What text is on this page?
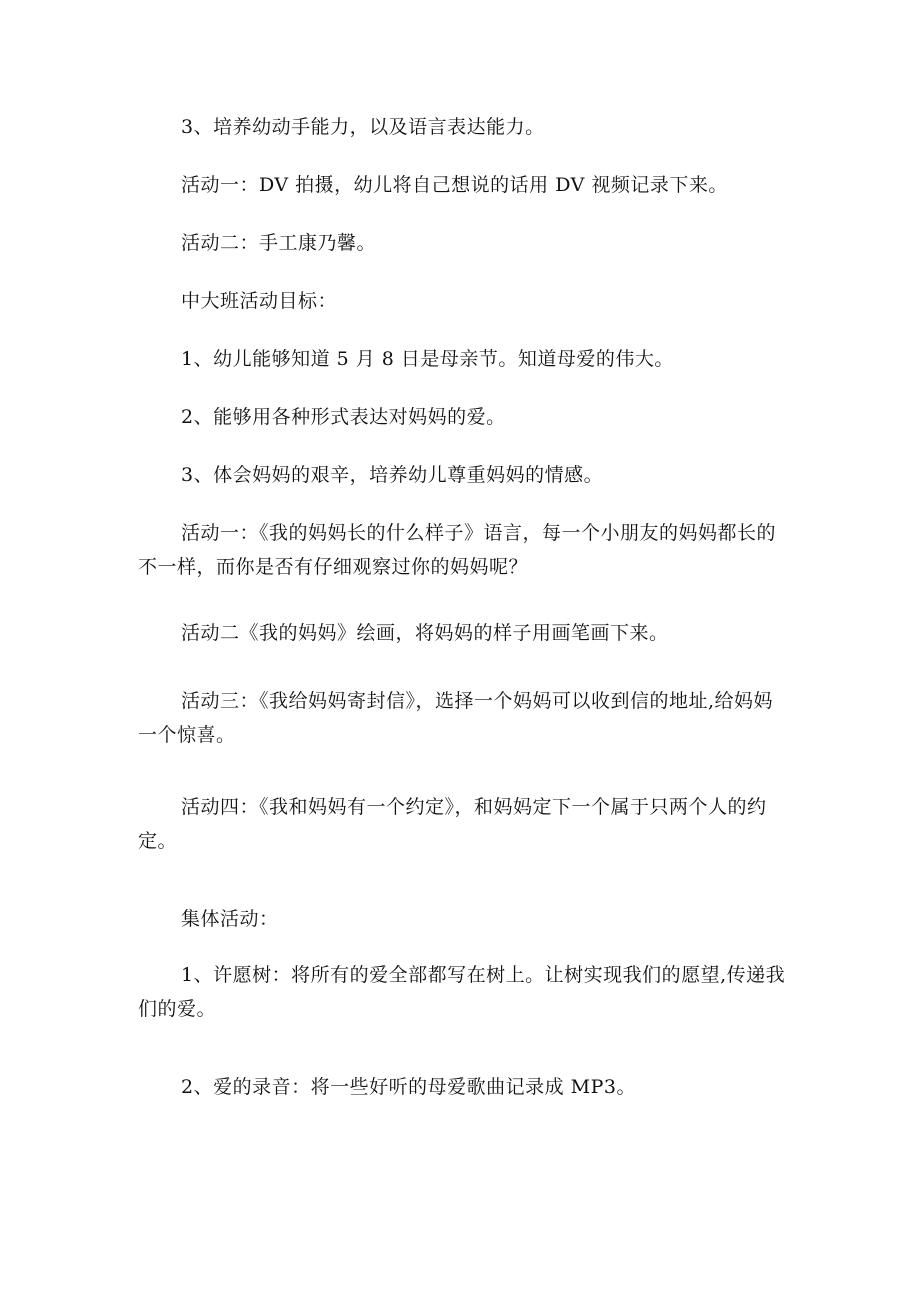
3、培养幼动手能力，以及语言表达能力。

活动一：DV 拍摄，幼儿将自己想说的话用 DV 视频记录下来。

活动二：手工康乃馨。

中大班活动目标：

1、幼儿能够知道 5 月 8 日是母亲节。知道母爱的伟大。

2、能够用各种形式表达对妈妈的爱。

3、体会妈妈的艰辛，培养幼儿尊重妈妈的情感。

活动一：《我的妈妈长的什么样子》语言，每一个小朋友的妈妈都长的不一样，而你是否有仔细观察过你的妈妈呢？

活动二《我的妈妈》绘画，将妈妈的样子用画笔画下来。

活动三：《我给妈妈寄封信》，选择一个妈妈可以收到信的地址,给妈妈一个惊喜。

活动四：《我和妈妈有一个约定》，和妈妈定下一个属于只两个人的约定。

集体活动：

1、许愿树：将所有的爱全部都写在树上。让树实现我们的愿望,传递我们的爱。

2、爱的录音：将一些好听的母爱歌曲记录成 MP3。
